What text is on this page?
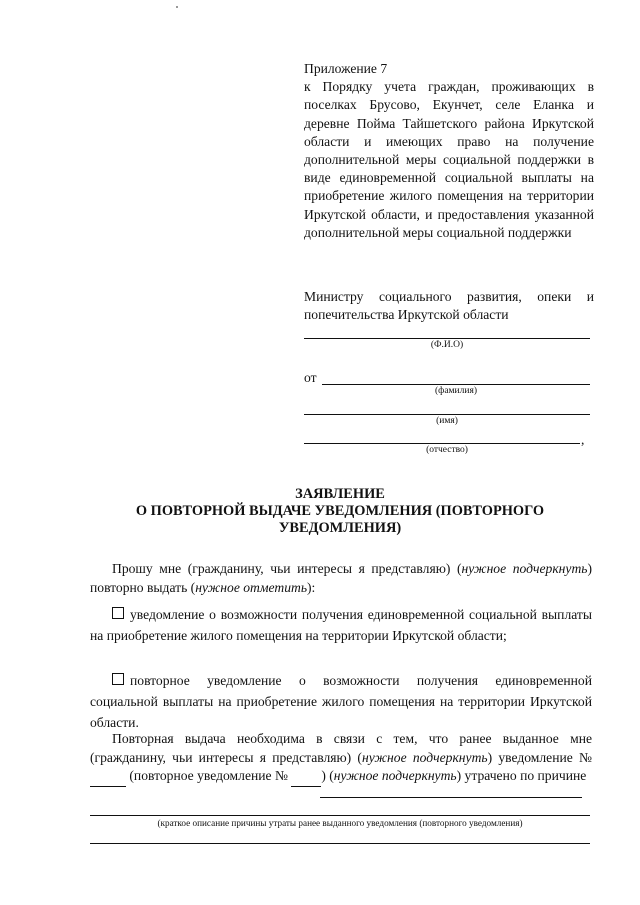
Приложение 7
к Порядку учета граждан, проживающих в поселках Брусово, Екунчет, селе Еланка и деревне Пойма Тайшетского района Иркутской области и имеющих право на получение дополнительной меры социальной поддержки в виде единовременной социальной выплаты на приобретение жилого помещения на территории Иркутской области, и предоставления указанной дополнительной меры социальной поддержки
Министру социального развития, опеки и попечительства Иркутской области
(Ф.И.О)
от
(фамилия)
(имя)
,
(отчество)
ЗАЯВЛЕНИЕ
О ПОВТОРНОЙ ВЫДАЧЕ УВЕДОМЛЕНИЯ (ПОВТОРНОГО
УВЕДОМЛЕНИЯ)
Прошу мне (гражданину, чьи интересы я представляю) (нужное подчеркнуть) повторно выдать (нужное отметить):
уведомление о возможности получения единовременной социальной выплаты на приобретение жилого помещения на территории Иркутской области;
повторное уведомление о возможности получения единовременной социальной выплаты на приобретение жилого помещения на территории Иркутской области.
Повторная выдача необходима в связи с тем, что ранее выданное мне (гражданину, чьи интересы я представляю) (нужное подчеркнуть) уведомление №   (повторное уведомление № ) (нужное подчеркнуть) утрачено по причине
(краткое описание причины утраты ранее выданного уведомления (повторного уведомления)
